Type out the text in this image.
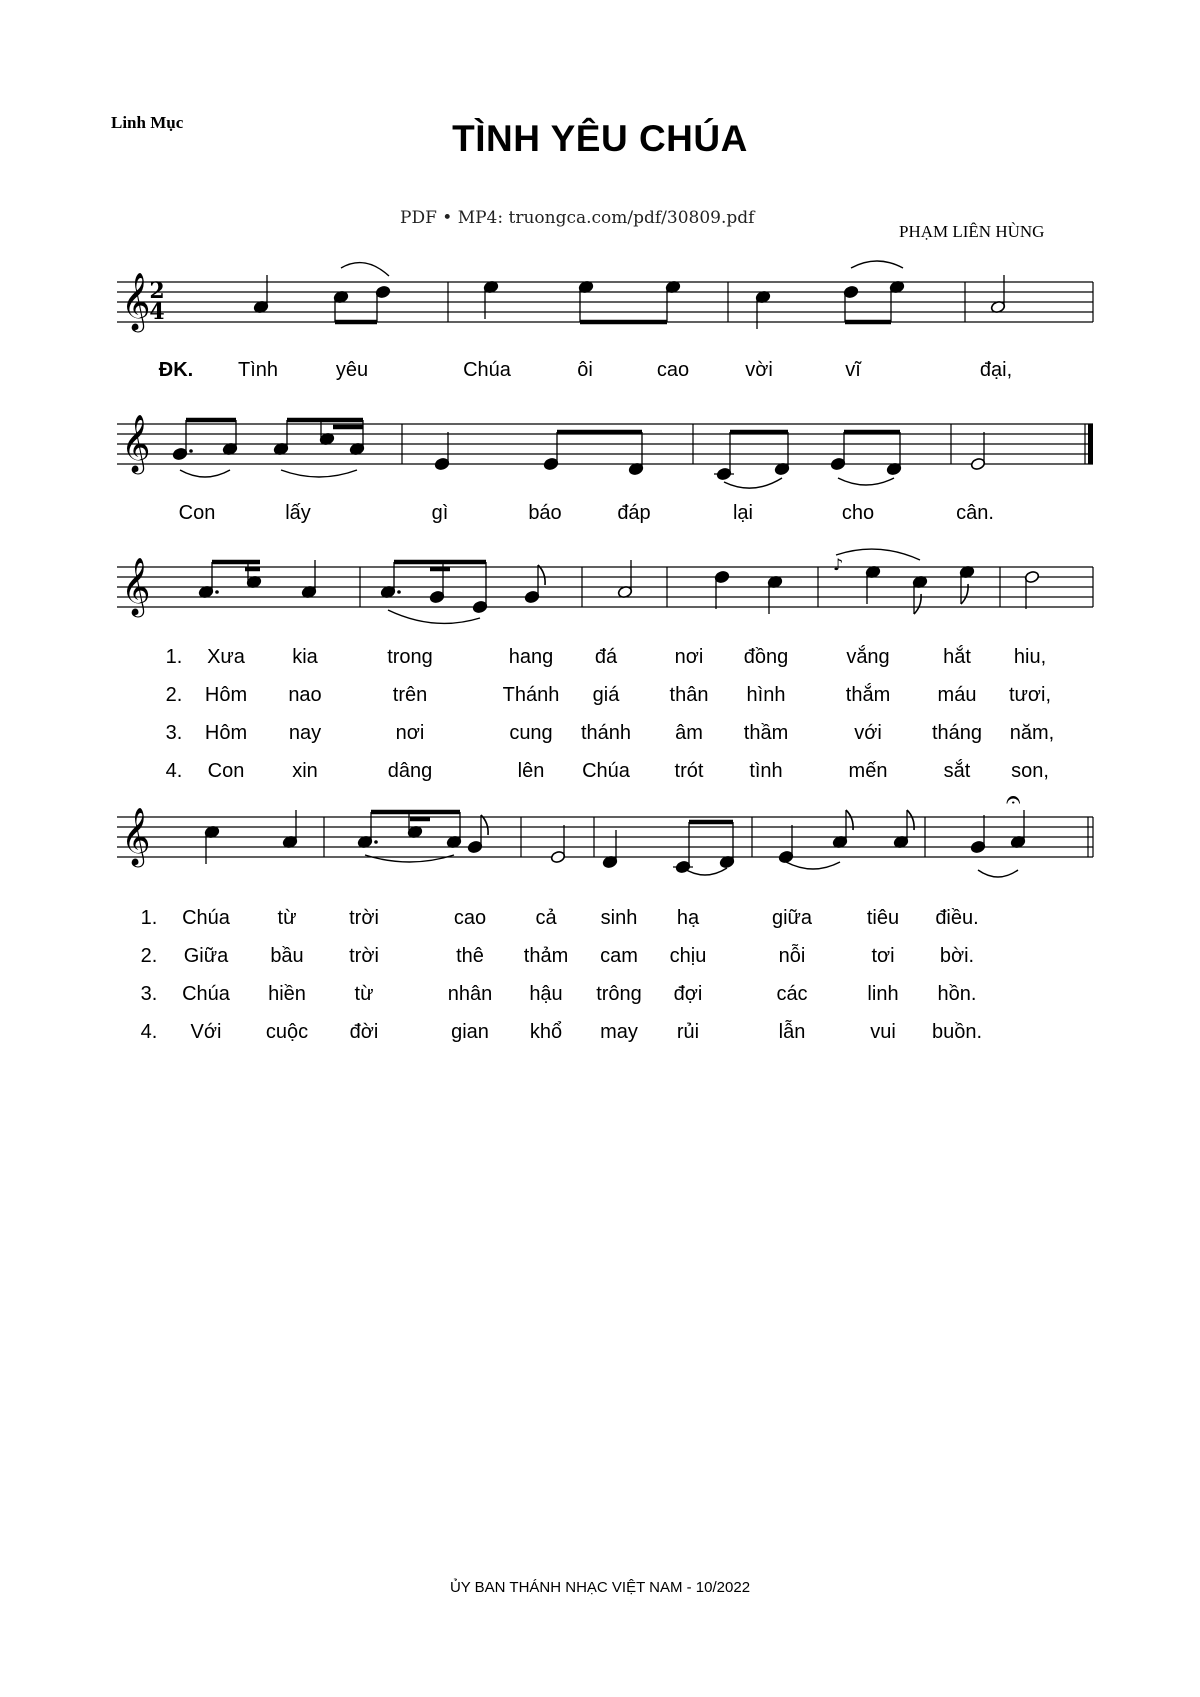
Linh Mục	TÌNH YÊU CHÚA
PDF • MP4: truongca.com/pdf/30809.pdf
PHẠM LIÊN HÙNG
𝄞
𝄞
𝄞
𝄞
♪
𝄐
2
4
ĐK. Tình	yêu	Chúa	ôi	cao	vời	vĩ	đại,
Con	lấy	gì	báo	đáp	lại	cho	cân.
1. Xưa kia	trong	hang đá	nơi đồng	vắng	hắt hiu,
2. Hôm nao	trên	Thánh giá	thân hình	thắm máu tươi,
3. Hôm nay	nơi	cung thánh âm thầm	với	tháng năm,
4. Con xin	dâng	lên Chúa trót tình	mến	sắt son,
1. Chúa từ	trời	cao cả sinh hạ	giữa	tiêu điều.
2. Giữa bầu trời	thê thảm cam chịu	nỗi	tơi bời.
3. Chúa hiền từ	nhân hậu trông đợi	các	linh hồn.
4. Với cuộc đời	gian khổ may rủi	lẫn	vui buồn.
ỦY BAN THÁNH NHẠC VIỆT NAM - 10/2022
